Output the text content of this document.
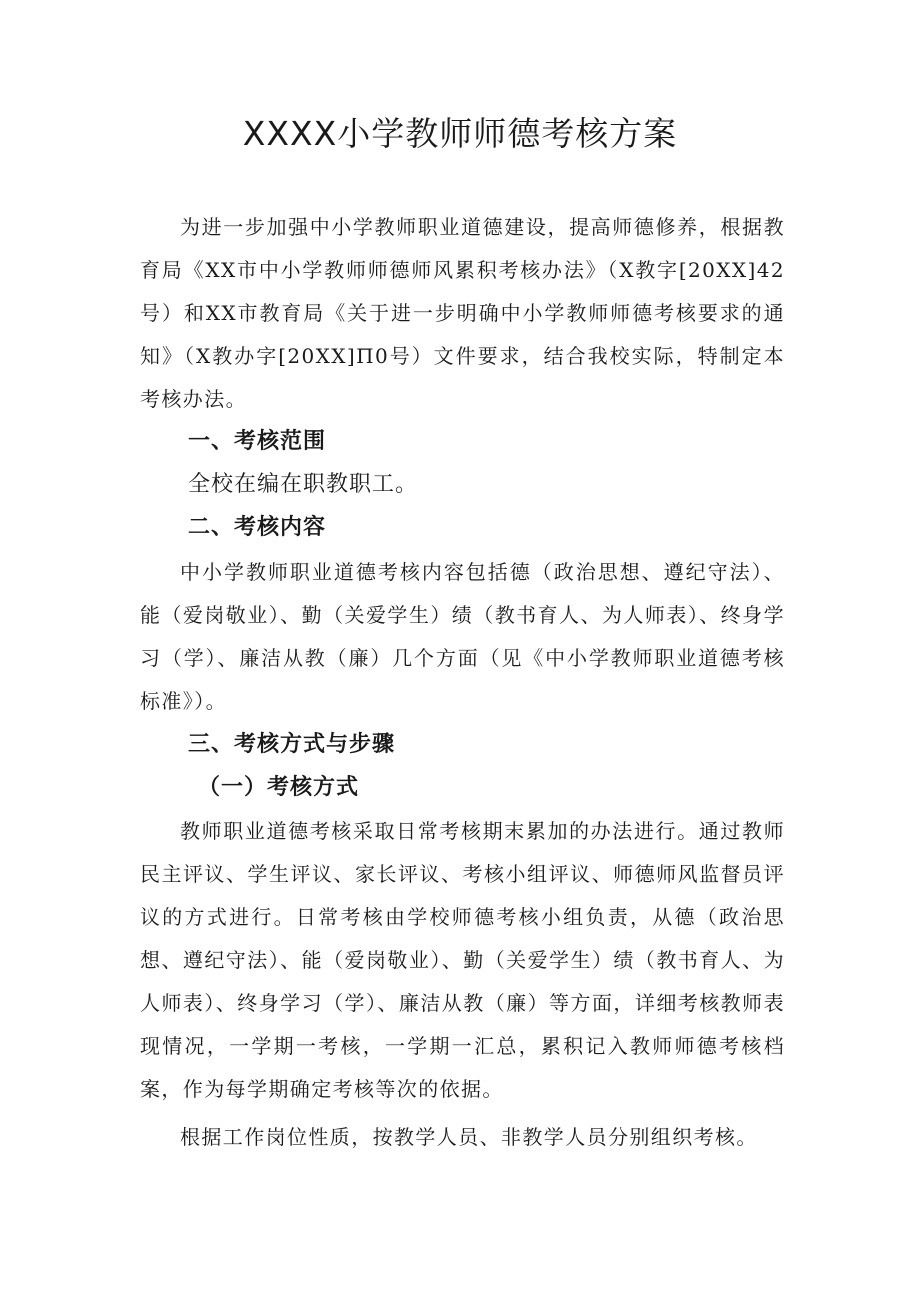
XXXX小学教师师德考核方案

为进一步加强中小学教师职业道德建设，提高师德修养，根据教育局《XX市中小学教师师德师风累积考核办法》（X教字[20XX]42号）和XX市教育局《关于进一步明确中小学教师师德考核要求的通知》（X教办字[20XX]Π0号）文件要求，结合我校实际，特制定本考核办法。

一、考核范围
全校在编在职教职工。
二、考核内容

中小学教师职业道德考核内容包括德（政治思想、遵纪守法）、能（爱岗敬业）、勤（关爱学生）绩（教书育人、为人师表）、终身学习（学）、廉洁从教（廉）几个方面（见《中小学教师职业道德考核标准》）。

三、考核方式与步骤
（一）考核方式

教师职业道德考核采取日常考核期末累加的办法进行。通过教师民主评议、学生评议、家长评议、考核小组评议、师德师风监督员评议的方式进行。日常考核由学校师德考核小组负责，从德（政治思想、遵纪守法）、能（爱岗敬业）、勤（关爱学生）绩（教书育人、为人师表）、终身学习（学）、廉洁从教（廉）等方面，详细考核教师表现情况，一学期一考核，一学期一汇总，累积记入教师师德考核档案，作为每学期确定考核等次的依据。

根据工作岗位性质，按教学人员、非教学人员分别组织考核。
